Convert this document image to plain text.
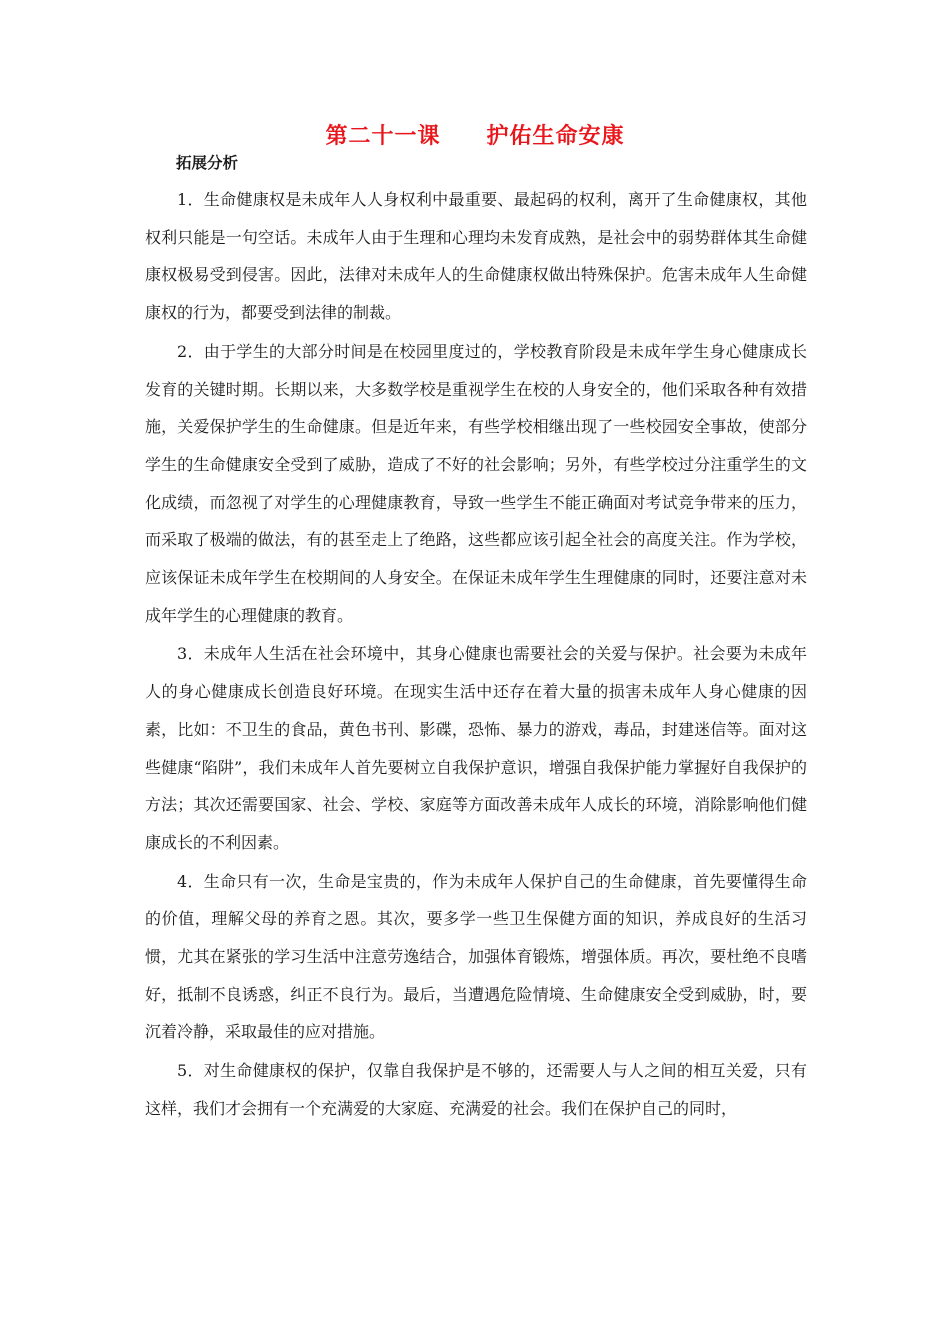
第二十一课　　护佑生命安康
拓展分析

1．生命健康权是未成年人人身权利中最重要、最起码的权利，离开了生命健康权，其他权利只能是一句空话。未成年人由于生理和心理均未发育成熟，是社会中的弱势群体其生命健康权极易受到侵害。因此，法律对未成年人的生命健康权做出特殊保护。危害未成年人生命健康权的行为，都要受到法律的制裁。

2．由于学生的大部分时间是在校园里度过的，学校教育阶段是未成年学生身心健康成长发育的关键时期。长期以来，大多数学校是重视学生在校的人身安全的，他们采取各种有效措施，关爱保护学生的生命健康。但是近年来，有些学校相继出现了一些校园安全事故，使部分学生的生命健康安全受到了威胁，造成了不好的社会影响；另外，有些学校过分注重学生的文化成绩，而忽视了对学生的心理健康教育，导致一些学生不能正确面对考试竞争带来的压力，而采取了极端的做法，有的甚至走上了绝路，这些都应该引起全社会的高度关注。作为学校，应该保证未成年学生在校期间的人身安全。在保证未成年学生生理健康的同时，还要注意对未成年学生的心理健康的教育。

3．未成年人生活在社会环境中，其身心健康也需要社会的关爱与保护。社会要为未成年人的身心健康成长创造良好环境。在现实生活中还存在着大量的损害未成年人身心健康的因素，比如：不卫生的食品，黄色书刊、影碟，恐怖、暴力的游戏，毒品，封建迷信等。面对这些健康“陷阱”，我们未成年人首先要树立自我保护意识，增强自我保护能力掌握好自我保护的方法；其次还需要国家、社会、学校、家庭等方面改善未成年人成长的环境，消除影响他们健康成长的不利因素。

4．生命只有一次，生命是宝贵的，作为未成年人保护自己的生命健康，首先要懂得生命的价值，理解父母的养育之恩。其次，要多学一些卫生保健方面的知识，养成良好的生活习惯，尤其在紧张的学习生活中注意劳逸结合，加强体育锻炼，增强体质。再次，要杜绝不良嗜好，抵制不良诱惑，纠正不良行为。最后，当遭遇危险情境、生命健康安全受到威胁，时，要沉着冷静，采取最佳的应对措施。

5．对生命健康权的保护，仅靠自我保护是不够的，还需要人与人之间的相互关爱，只有这样，我们才会拥有一个充满爱的大家庭、充满爱的社会。我们在保护自己的同时，
